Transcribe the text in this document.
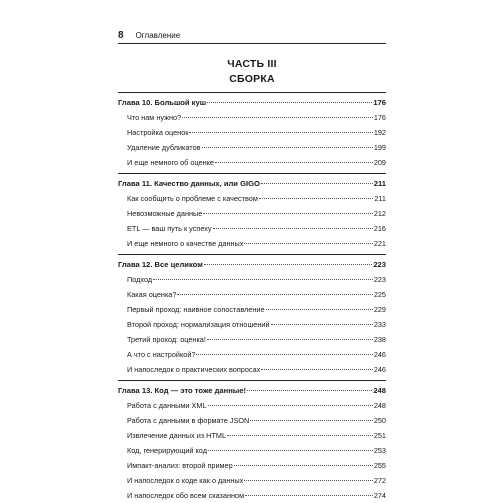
8 Оглавление
ЧАСТЬ III
СБОРКА
Глава 10. Большой куш	176
Что нам нужно?	176
Настройка оценок	192
Удаление дубликатов	199
И еще немного об оценке	209
Глава 11. Качество данных, или GIGO	211
Как сообщить о проблеме с качеством	211
Невозможные данные	212
ETL — ваш путь к успеху	216
И еще немного о качестве данных	221
Глава 12. Все целиком	223
Подход	223
Какая оценка?	225
Первый проход: наивное сопоставление	229
Второй проход: нормализация отношений	233
Третий проход: оценка!	238
А что с настройкой?	246
И напоследок о практических вопросах	246
Глава 13. Код — это тоже данные!	248
Работа с данными XML	248
Работа с данными в формате JSON	250
Извлечение данных из HTML	251
Код, генерирующий код	253
Импакт-анализ: второй пример	255
И напоследок о коде как о данных	272
И напоследок обо всем сказанном	274
